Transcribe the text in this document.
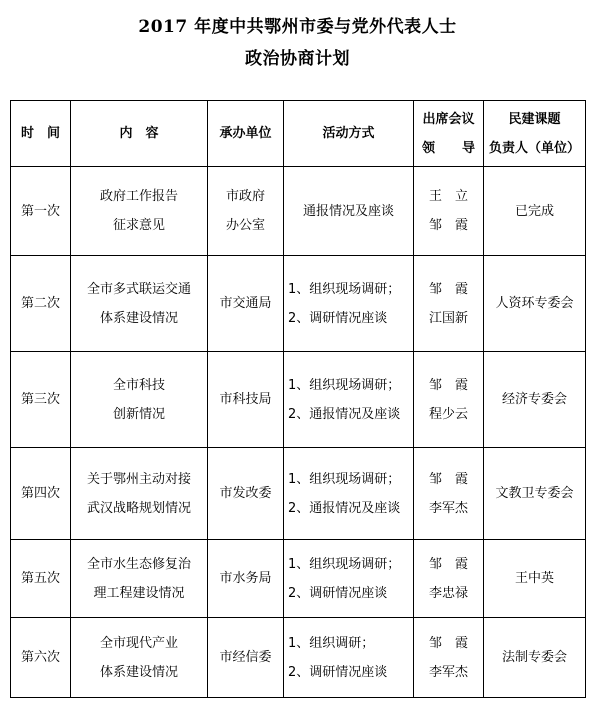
2017 年度中共鄂州市委与党外代表人士
政治协商计划
时　间	内　容	承办单位	活动方式	出席会议
领 导	民建课题
负责人（单位）

第一次	政府工作报告
征求意见	市政府
办公室	通报情况及座谈	王　立
邹　霞	已完成
第二次	全市多式联运交通
体系建设情况	市交通局	1、组织现场调研；
2、调研情况座谈	邹　霞
江国新	人资环专委会
第三次	全市科技
创新情况	市科技局	1、组织现场调研；
2、通报情况及座谈	邹　霞
程少云	经济专委会
第四次	关于鄂州主动对接
武汉战略规划情况	市发改委	1、组织现场调研；
2、通报情况及座谈	邹　霞
李军杰	文教卫专委会
第五次	全市水生态修复治
理工程建设情况	市水务局	1、组织现场调研；
2、调研情况座谈	邹　霞
李忠禄	王中英
第六次	全市现代产业
体系建设情况	市经信委	1、组织调研；
2、调研情况座谈	邹　霞
李军杰	法制专委会
